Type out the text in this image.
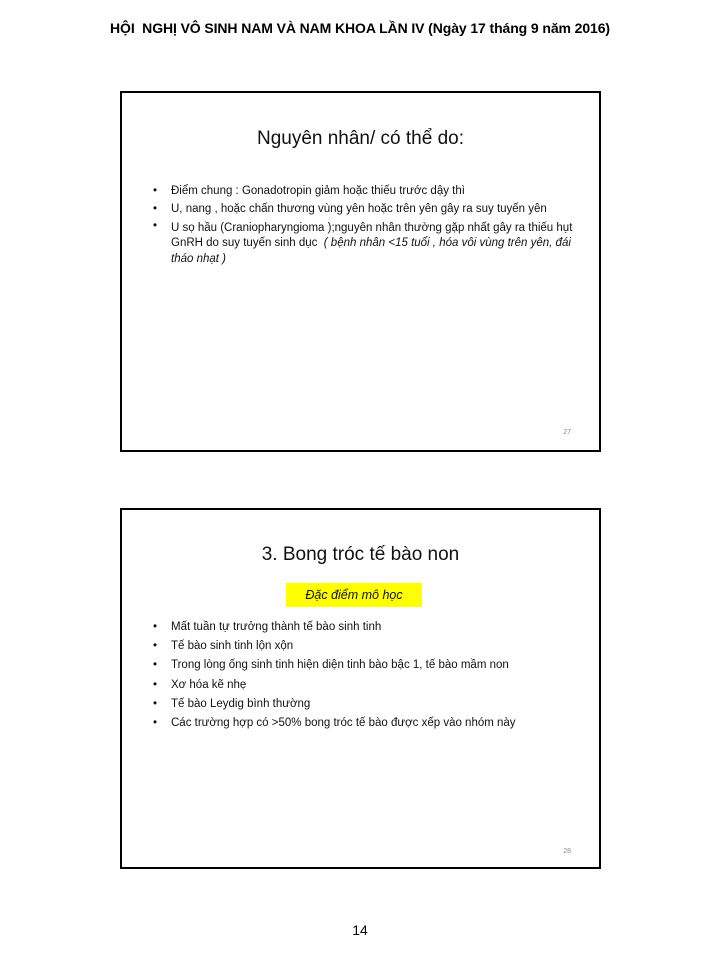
HỘI  NGHỊ VÔ SINH NAM VÀ NAM KHOA LẦN IV (Ngày 17 tháng 9 năm 2016)
Nguyên nhân/ có thể do:
• Điểm chung : Gonadotropin giảm hoặc thiếu trước dậy thì
• U, nang , hoặc chấn thương vùng yên hoặc trên yên gây ra suy tuyến yên
• U sọ hầu (Craniopharyngioma );nguyên nhân thường gặp nhất gây ra thiếu hụt GnRH do suy tuyến sinh dục  ( bệnh nhân <15 tuổi , hóa vôi vùng trên yên, đái tháo nhạt )
27
3. Bong tróc tế bào non
Đặc điểm mô học
• Mất tuần tự trưởng thành tế bào sinh tinh
• Tế bào sinh tinh lộn xộn
• Trong lòng ống sinh tinh hiện diện tinh bào bậc 1, tế bào mầm non
• Xơ hóa kẽ nhẹ
• Tế bào Leydig bình thường
• Các trường hợp có >50% bong tróc tế bào được xếp vào nhóm này
28
14
